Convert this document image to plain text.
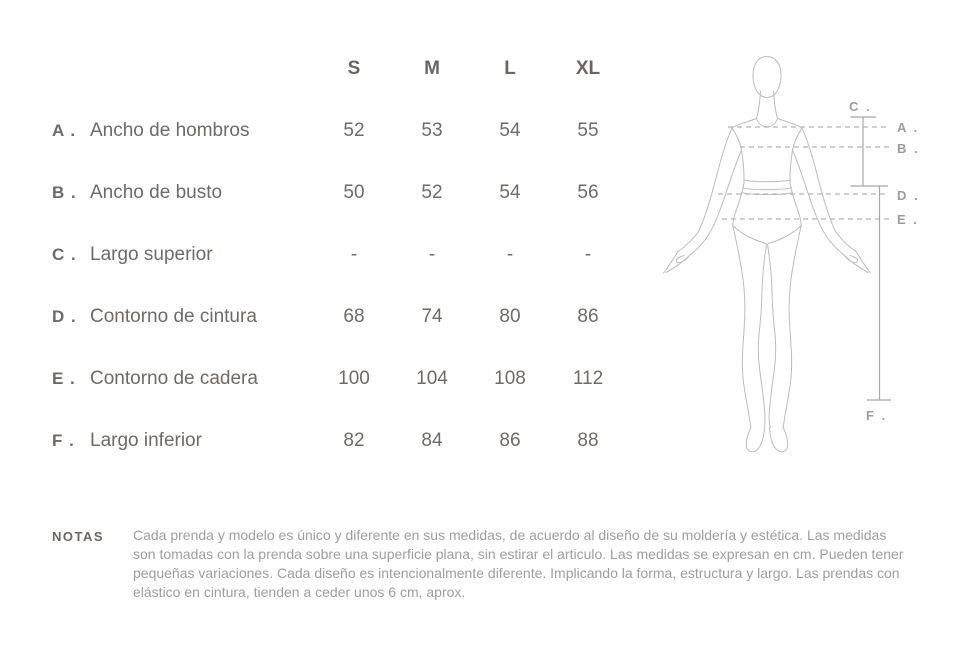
S	M	L	XL
A . Ancho de hombros	52	53	54	55
B . Ancho de busto	50	52	54	56
C . Largo superior	-	-	-	-
D . Contorno de cintura	68	74	80	86
E . Contorno de cadera	100	104	108	112
F . Largo inferior	82	84	86	88
C .
A .
B .
D .
E .
F .
NOTAS	Cada prenda y modelo es único y diferente en sus medidas, de acuerdo al diseño de su moldería y estética. Las medidas son tomadas con la prenda sobre una superficie plana, sin estirar el articulo. Las medidas se expresan en cm. Pueden tener pequeñas variaciones. Cada diseño es intencionalmente diferente. Implicando la forma, estructura y largo. Las prendas con elástico en cintura, tienden a ceder unos 6 cm, aprox.
